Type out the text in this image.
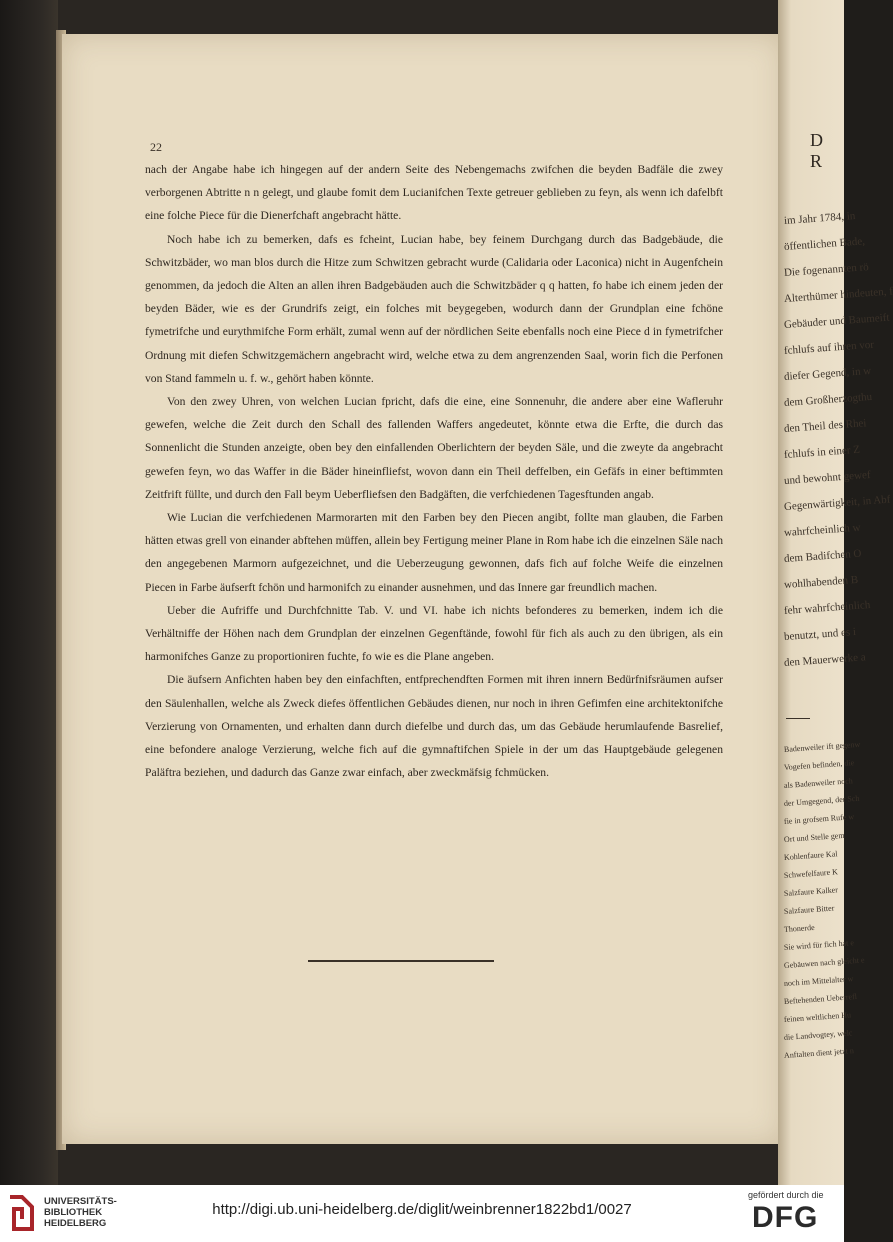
22

nach der Angabe habe ich hingegen auf der andern Seite des Nebengemachs zwifchen die beyden Badfäle die zwey verborgenen Abtritte n n gelegt, und glaube fomit dem Lucianifchen Texte getreuer geblieben zu feyn, als wenn ich dafelbft eine folche Piece für die Dienerfchaft angebracht hätte.

Noch habe ich zu bemerken, dafs es fcheint, Lucian habe, bey feinem Durchgang durch das Badgebäude, die Schwitzbäder, wo man blos durch die Hitze zum Schwitzen gebracht wurde (Calidaria oder Laconica) nicht in Augenfchein genommen, da jedoch die Alten an allen ihren Badgebäuden auch die Schwitzbäder q q hatten, fo habe ich einem jeden der beyden Bäder, wie es der Grundrifs zeigt, ein folches mit beygegeben, wodurch dann der Grundplan eine fchöne fymetrifche und eurythmifche Form erhält, zumal wenn auf der nördlichen Seite ebenfalls noch eine Piece d in fymetrifcher Ordnung mit diefen Schwitzgemächern angebracht wird, welche etwa zu dem angrenzenden Saal, worin fich die Perfonen von Stand fammeln u. f. w., gehört haben könnte.

Von den zwey Uhren, von welchen Lucian fpricht, dafs die eine, eine Sonnenuhr, die andere aber eine Wafleruhr gewefen, welche die Zeit durch den Schall des fallenden Waffers angedeutet, könnte etwa die Erfte, die durch das Sonnenlicht die Stunden anzeigte, oben bey den einfallenden Oberlichtern der beyden Säle, und die zweyte da angebracht gewefen feyn, wo das Waffer in die Bäder hineinfliefst, wovon dann ein Theil deffelben, ein Gefäfs in einer beftimmten Zeitfrift füllte, und durch den Fall beym Ueberfliefsen den Badgäften, die verfchiedenen Tagesftunden angab.

Wie Lucian die verfchiedenen Marmorarten mit den Farben bey den Piecen angibt, follte man glauben, die Farben hätten etwas grell von einander abftehen müffen, allein bey Fertigung meiner Plane in Rom habe ich die einzelnen Säle nach den angegebenen Marmorn aufgezeichnet, und die Ueberzeugung gewonnen, dafs fich auf folche Weife die einzelnen Piecen in Farbe äufserft fchön und harmonifch zu einander ausnehmen, und das Innere gar freundlich machen.

Ueber die Aufriffe und Durchfchnitte Tab. V. und VI. habe ich nichts befonderes zu bemerken, indem ich die Verhältniffe der Höhen nach dem Grundplan der einzelnen Gegenftände, fowohl für fich als auch zu den übrigen, als ein harmonifches Ganze zu proportioniren fuchte, fo wie es die Plane angeben.

Die äufsern Anfichten haben bey den einfachften, entfprechendften Formen mit ihren innern Bedürfnifsräumen aufser den Säulenhallen, welche als Zweck diefes öffentlichen Gebäudes dienen, nur noch in ihren Gefimfen eine architektonifche Verzierung von Ornamenten, und erhalten dann durch diefelbe und durch das, um das Gebäude herumlaufende Basrelief, eine befondere analoge Verzierung, welche fich auf die gymnaftifchen Spiele in der um das Hauptgebäude gelegenen Paläftra beziehen, und dadurch das Ganze zwar einfach, aber zweckmäfsig fchmücken.

D R
im Jahr 1784, in
öffentlichen Bade,
Die fogenannten rö
Alterthümer hindeuten, f
Gebäuder und Baumeift
fchlufs auf ihren vor
diefer Gegend, in w
dem Großherzogthu
den Theil des Rhei
fchlufs in einer Z
und bewohnt gewef
Gegenwärtigkeit, in Abf
wahrfcheinlich w
dem Badifchen O
wohlhabenden B
fehr wahrfcheinlich
benutzt, und es i
den Mauerwerke a
Badenweiler ift gegenw
Vogefen befinden, die
als Badenweiler noch
der Umgegend, der Sch
fie in grofsem Rufe w
Ort und Stelle gem
Kohlenfaure Kal
Schwefelfaure K
Salzfaure Kalker
Salzfaure Bitter
Thonerde
Sie wird für fich hat e
Gebäuwen nach gleicht e
noch im Mittelalter w
Beftehenden Ueberrefl
feinen weltlichen Hu
die Landvogtey, welc
Anftalten dient jetzt n
UNIVERSITÄTS-
BIBLIOTHEK
HEIDELBERG
http://digi.ub.uni-heidelberg.de/diglit/weinbrenner1822bd1/0027
gefördert durch die
DFG
